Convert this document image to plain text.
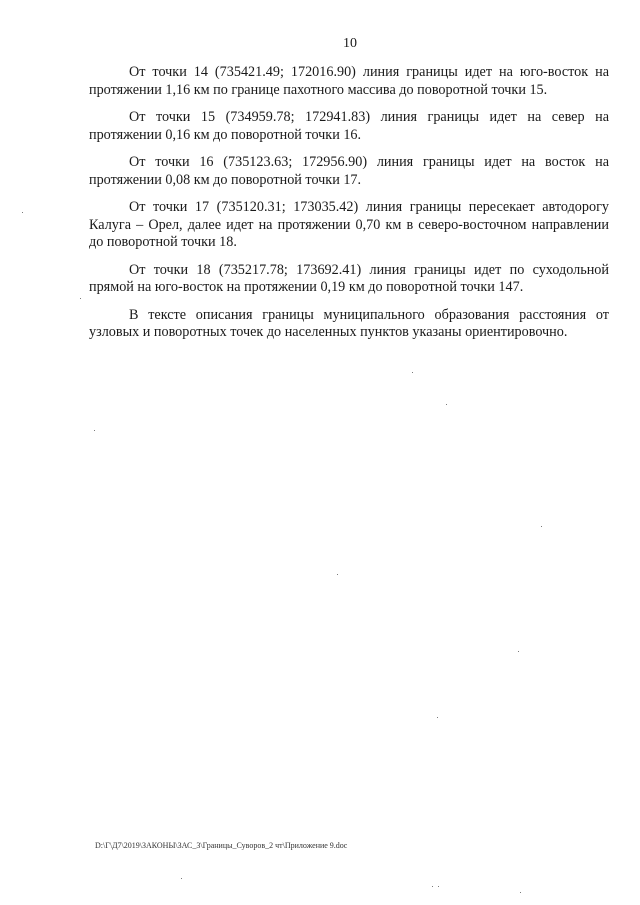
10

От точки 14 (735421.49; 172016.90) линия границы идет на юго-восток на протяжении 1,16 км по границе пахотного массива до поворотной точки 15.

От точки 15 (734959.78; 172941.83) линия границы идет на север на протяжении 0,16 км до поворотной точки 16.

От точки 16 (735123.63; 172956.90) линия границы идет на восток на протяжении 0,08 км до поворотной точки 17.

От точки 17 (735120.31; 173035.42) линия границы пересекает автодорогу Калуга – Орел, далее идет на протяжении 0,70 км в северо-восточном направлении до поворотной точки 18.

От точки 18 (735217.78; 173692.41) линия границы идет по суходольной прямой на юго-восток на протяжении 0,19 км до поворотной точки 147.

В тексте описания границы муниципального образования расстояния от узловых и поворотных точек до населенных пунктов указаны ориентировочно.

D:\Г\Д7\2019\ЗАКОНЫ\ЗАС_3\Границы_Суворов_2 чт\Приложение 9.doc
